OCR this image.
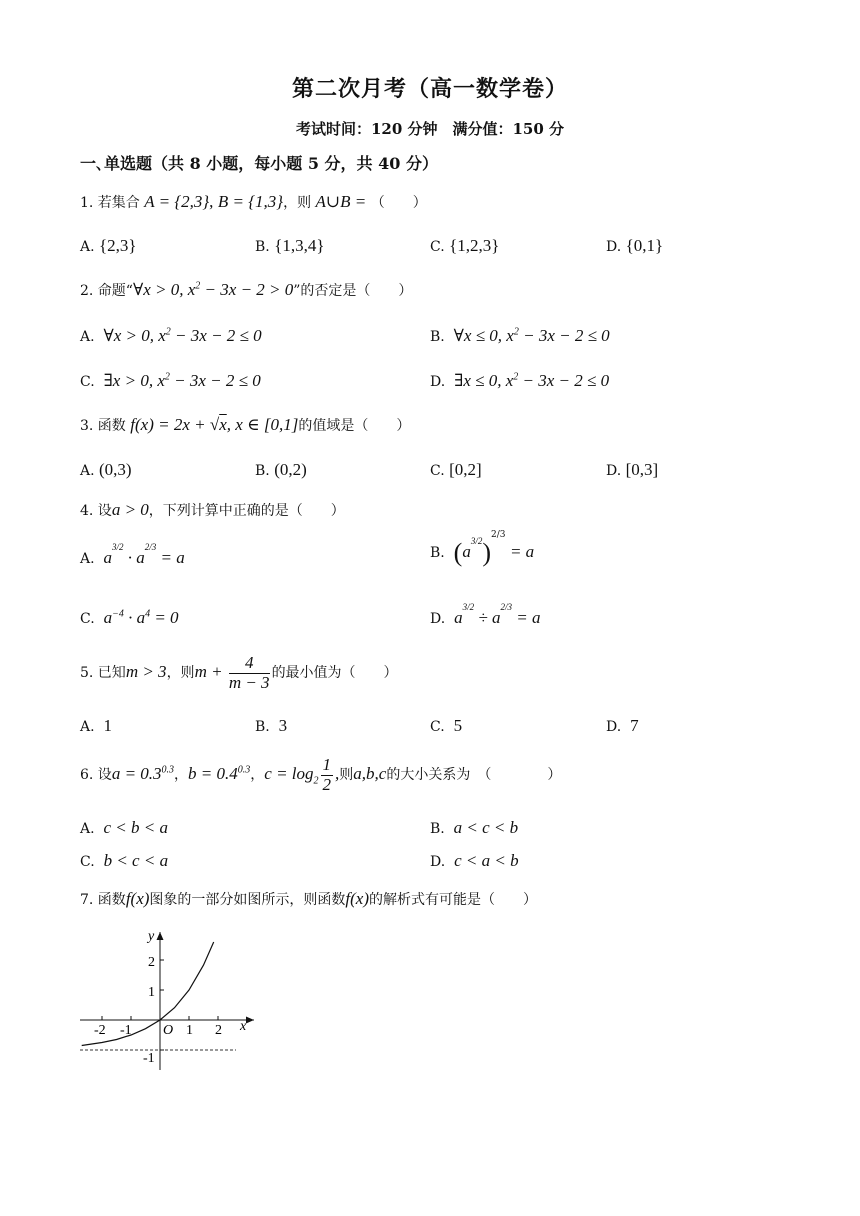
第二次月考（高一数学卷）
考试时间：120 分钟　满分值：150 分
一､单选题（共 8 小题，每小题 5 分，共 40 分）
1. 若集合 A = {2,3}, B = {1,3}，则 A∪B = （　　）
A. {2,3}	B. {1,3,4}	C. {1,2,3}	D. {0,1}
2. 命题“∀x > 0, $x^2 - 3x - 2 > 0$”的否定是（　　）
A. ∀x > 0, $x^2 - 3x - 2 \le 0$	B. ∀x ≤ 0, $x^2 - 3x - 2 \le 0$
C. ∃x > 0, $x^2 - 3x - 2 \le 0$	D. ∃x ≤ 0, $x^2 - 3x - 2 \le 0$
3. 函数 f(x) = 2x + √x, x ∈ [0,1]的值域是（　　）
A. (0,3)	B. (0,2)	C. [0,2]	D. [0,3]
4. 设a > 0，下列计算中正确的是（　　）
A. $a^{3/2} \cdot a^{2/3} = a$	B. $(a^{3/2})^{2/3} = a$
C. $a^{-4} \cdot a^4 = 0$	D. $a^{3/2} \div a^{2/3} = a$
5. 已知m > 3，则$m + \frac{4}{m - 3}$ 的最小值为（　　）
A. 1	B. 3	C. 5	D. 7
6. 设$a = 0.3^{0.3}$，$b = 0.4^{0.3}$，$c = \log_2 \frac{1}{2}$ ,则a,b,c的大小关系为　（　　　　）
A. c < b < a	B. a < c < b
C. b < c < a	D. c < a < b
7. 函数f(x)图象的一部分如图所示，则函数f(x)的解析式有可能是（　　）
-2 -1	1 2
2
1
-1
O	x
y
